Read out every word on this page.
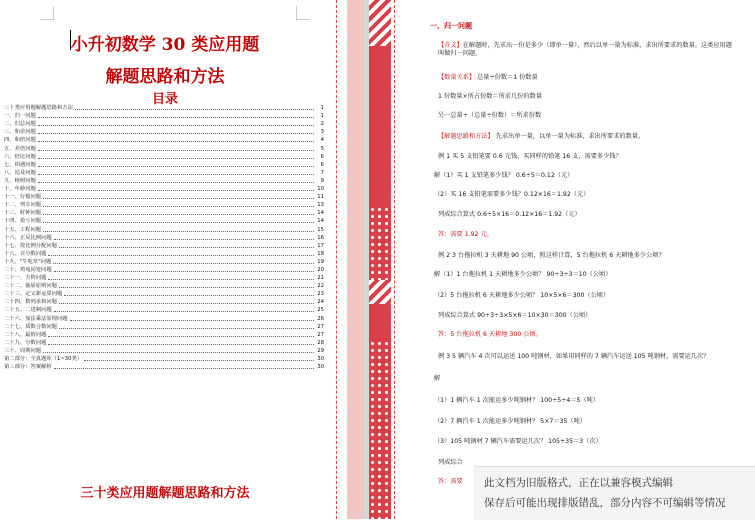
小升初数学 30 类应用题
解题思路和方法
目录
三十类应用题解题思路和方法	1
一、归一问题	1
二、归总问题	2
三、和差问题	3
四、和倍问题	4
五、差倍问题	5
六、倍比问题	6
七、相遇问题	6
八、追及问题	7
九、植树问题	9
十、年龄问题	10
十一、行船问题	11
十二、列车问题	13
十三、时钟问题	14
十四、盈亏问题	14
十五、工程问题	15
十六、正反比例问题	16
十七、按比例分配问题	17
十八、百分数问题	18
十九、"牛吃草"问题	19
二十、鸡兔同笼问题	20
二十一、方阵问题	21
二十二、抽屉原则问题	22
二十三、定义新运算问题	23
二十四、数列求和问题	24
二十五、二进制问题	25
二十六、加法乘法原理问题	26
二十七、质数合数问题	27
二十八、最值问题	27
二十九、分数问题	28
三十、周期问题	29
第二部分：全真题库（1~30类）	30
第三部分：答案解析	30
三十类应用题解题思路和方法
一、归一问题
【含义】在解题时，先求出一份是多少（即单一量），然后以单一量为标准，求出所要求的数量。这类应用题叫做归一问题。
【数量关系】 总量÷份数＝1 份数量
1 份数量×所占份数＝所求几份的数量
另一总量÷（总量÷份数）＝所求份数
【解题思路和方法】 先求出单一量，以单一量为标准，求出所要求的数量。
例 1 买 5 支铅笔要 0.6 元钱，买同样的铅笔 16 支，需要多少钱？
解（1）买 1 支铅笔多少钱？ 0.6÷5＝0.12（元）
（2）买 16 支铅笔需要多少钱？0.12×16＝1.92（元）
列成综合算式 0.6÷5×16＝0.12×16＝1.92（元）
答：需要 1.92 元。
例 2 3 台拖拉机 3 天耕地 90 公顷，照这样计算，5 台拖拉机 6 天耕地多少公顷？
解（1）1 台拖拉机 1 天耕地多少公顷？ 90÷3÷3＝10（公顷）
（2）5 台拖拉机 6 天耕地多少公顷？ 10×5×6＝300（公顷）
列成综合算式 90÷3÷3×5×6＝10×30＝300（公顷）
答：5 台拖拉机 6 天耕地 300 公顷。
例 3 5 辆汽车 4 次可以运送 100 吨钢材，如果用同样的 7 辆汽车运送 105 吨钢材，需要运几次？
解
（1）1 辆汽车 1 次能运多少吨钢材？ 100÷5÷4＝5（吨）
（2）7 辆汽车 1 次能运多少吨钢材？ 5×7＝35（吨）
（3）105 吨钢材 7 辆汽车需要运几次？ 105÷35＝3（次）
列成综合
答：需要	此文档为旧版格式，正在以兼容模式编辑
保存后可能出现排版错乱，部分内容不可编辑等情况
